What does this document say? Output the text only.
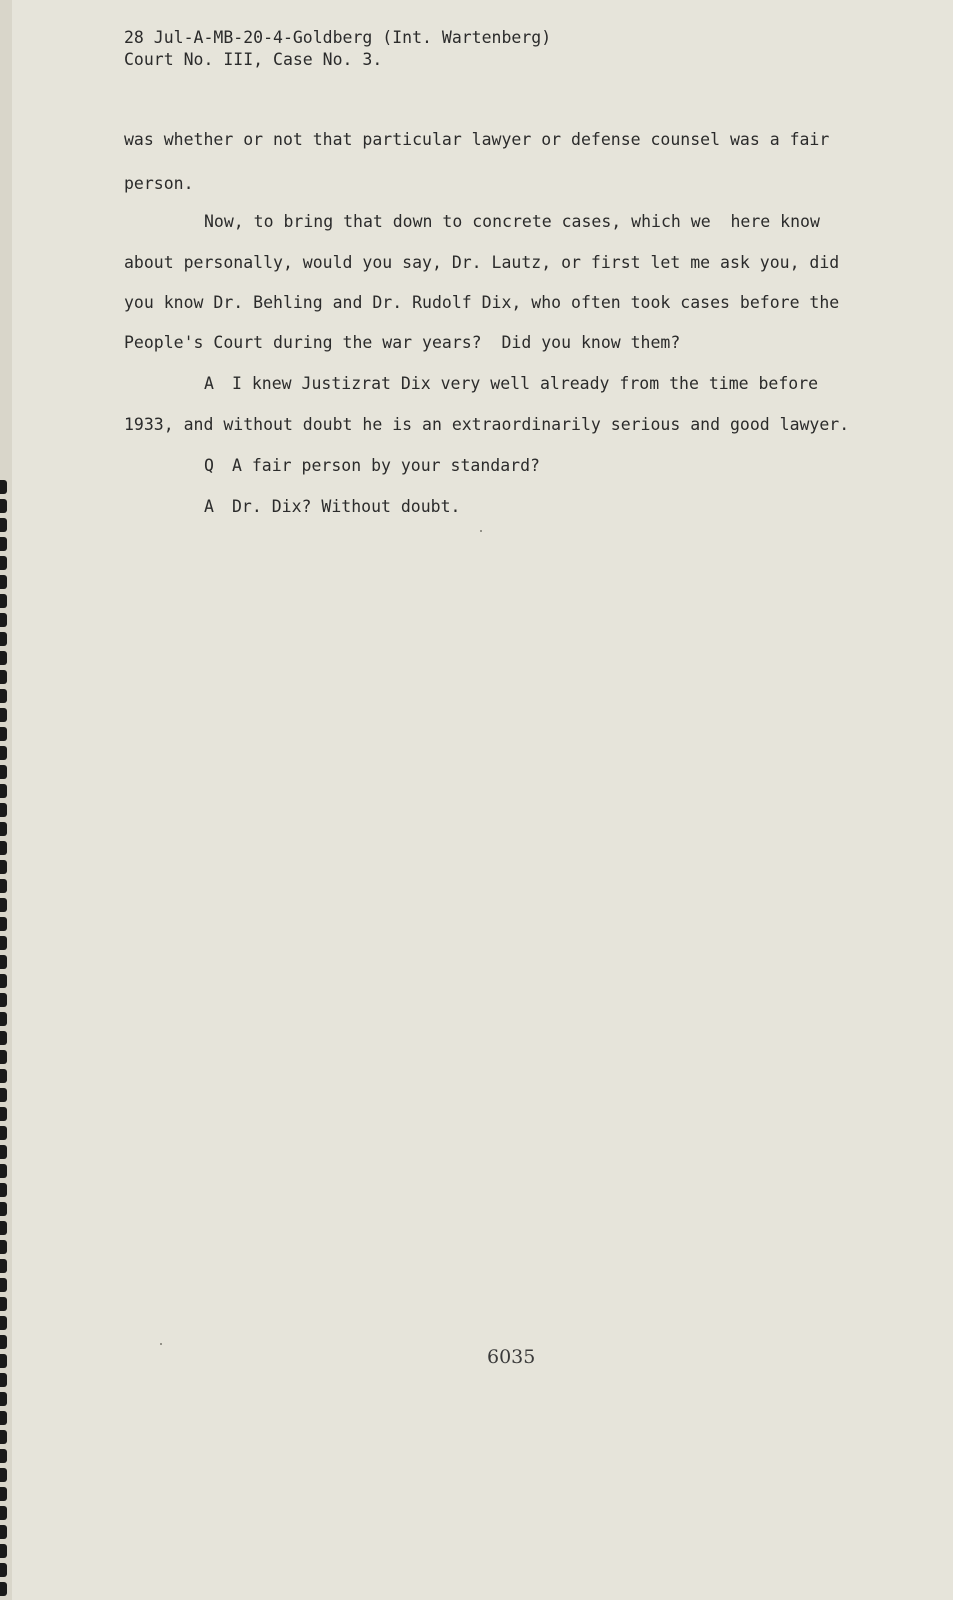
28 Jul-A-MB-20-4-Goldberg (Int. Wartenberg)
Court No. III, Case No. 3.
was whether or not that particular lawyer or defense counsel was a fair
person.
Now, to bring that down to concrete cases, which we  here know
about personally, would you say, Dr. Lautz, or first let me ask you, did
you know Dr. Behling and Dr. Rudolf Dix, who often took cases before the
People's Court during the war years?  Did you know them?
A I knew Justizrat Dix very well already from the time before
1933, and without doubt he is an extraordinarily serious and good lawyer.
Q A fair person by your standard?
A Dr. Dix? Without doubt.
6035
